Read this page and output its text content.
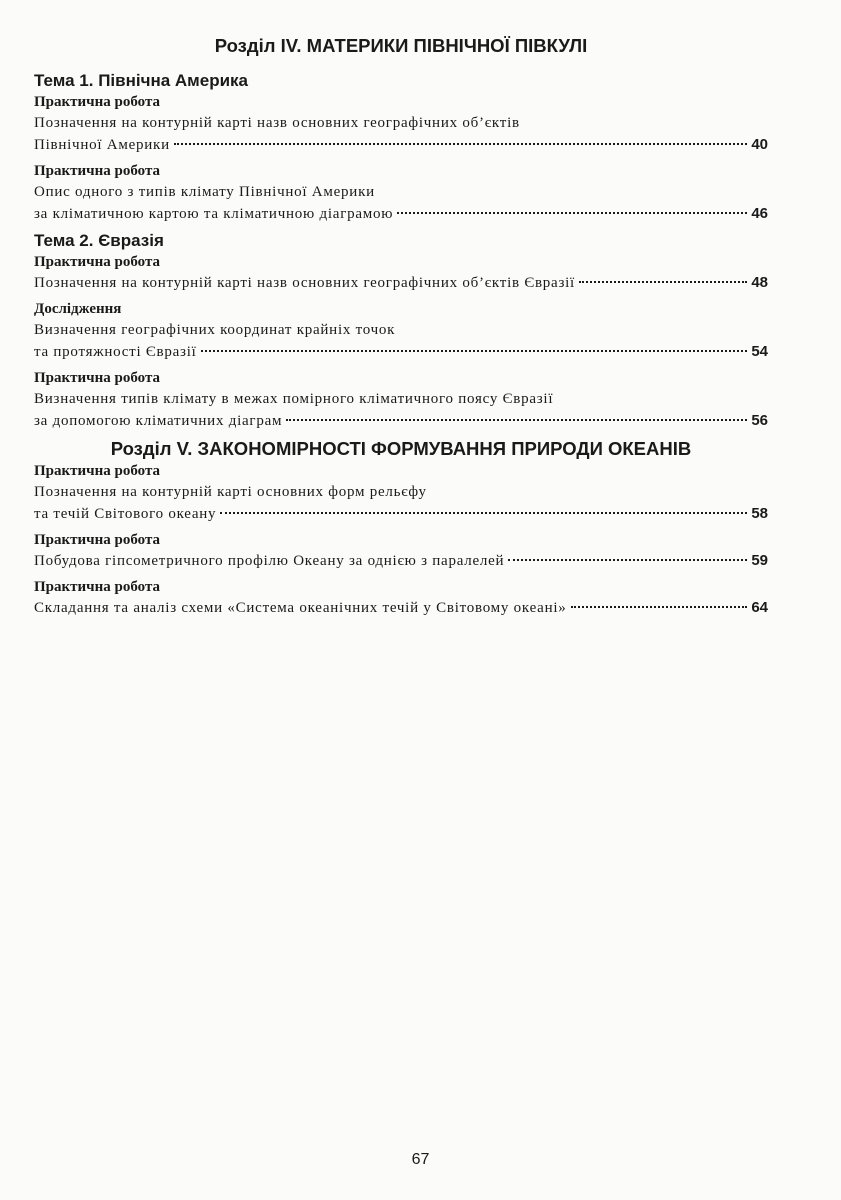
Розділ IV. МАТЕРИКИ ПІВНІЧНОЇ ПІВКУЛІ
Тема 1. Північна Америка
Практична робота
Позначення на контурній карті назв основних географічних об’єктів
Північної Америки	40
Практична робота
Опис одного з типів клімату Північної Америки
за кліматичною картою та кліматичною діаграмою	46
Тема 2. Євразія
Практична робота
Позначення на контурній карті назв основних географічних об’єктів Євразії	48
Дослідження
Визначення географічних координат крайніх точок
та протяжності Євразії	54
Практична робота
Визначення типів клімату в межах помірного кліматичного поясу Євразії
за допомогою кліматичних діаграм	56
Розділ V. ЗАКОНОМІРНОСТІ ФОРМУВАННЯ ПРИРОДИ ОКЕАНІВ
Практична робота
Позначення на контурній карті основних форм рельєфу
та течій Світового океану	58
Практична робота
Побудова гіпсометричного профілю Океану за однією з паралелей	59
Практична робота
Складання та аналіз схеми «Система океанічних течій у Світовому океані»	64
67
